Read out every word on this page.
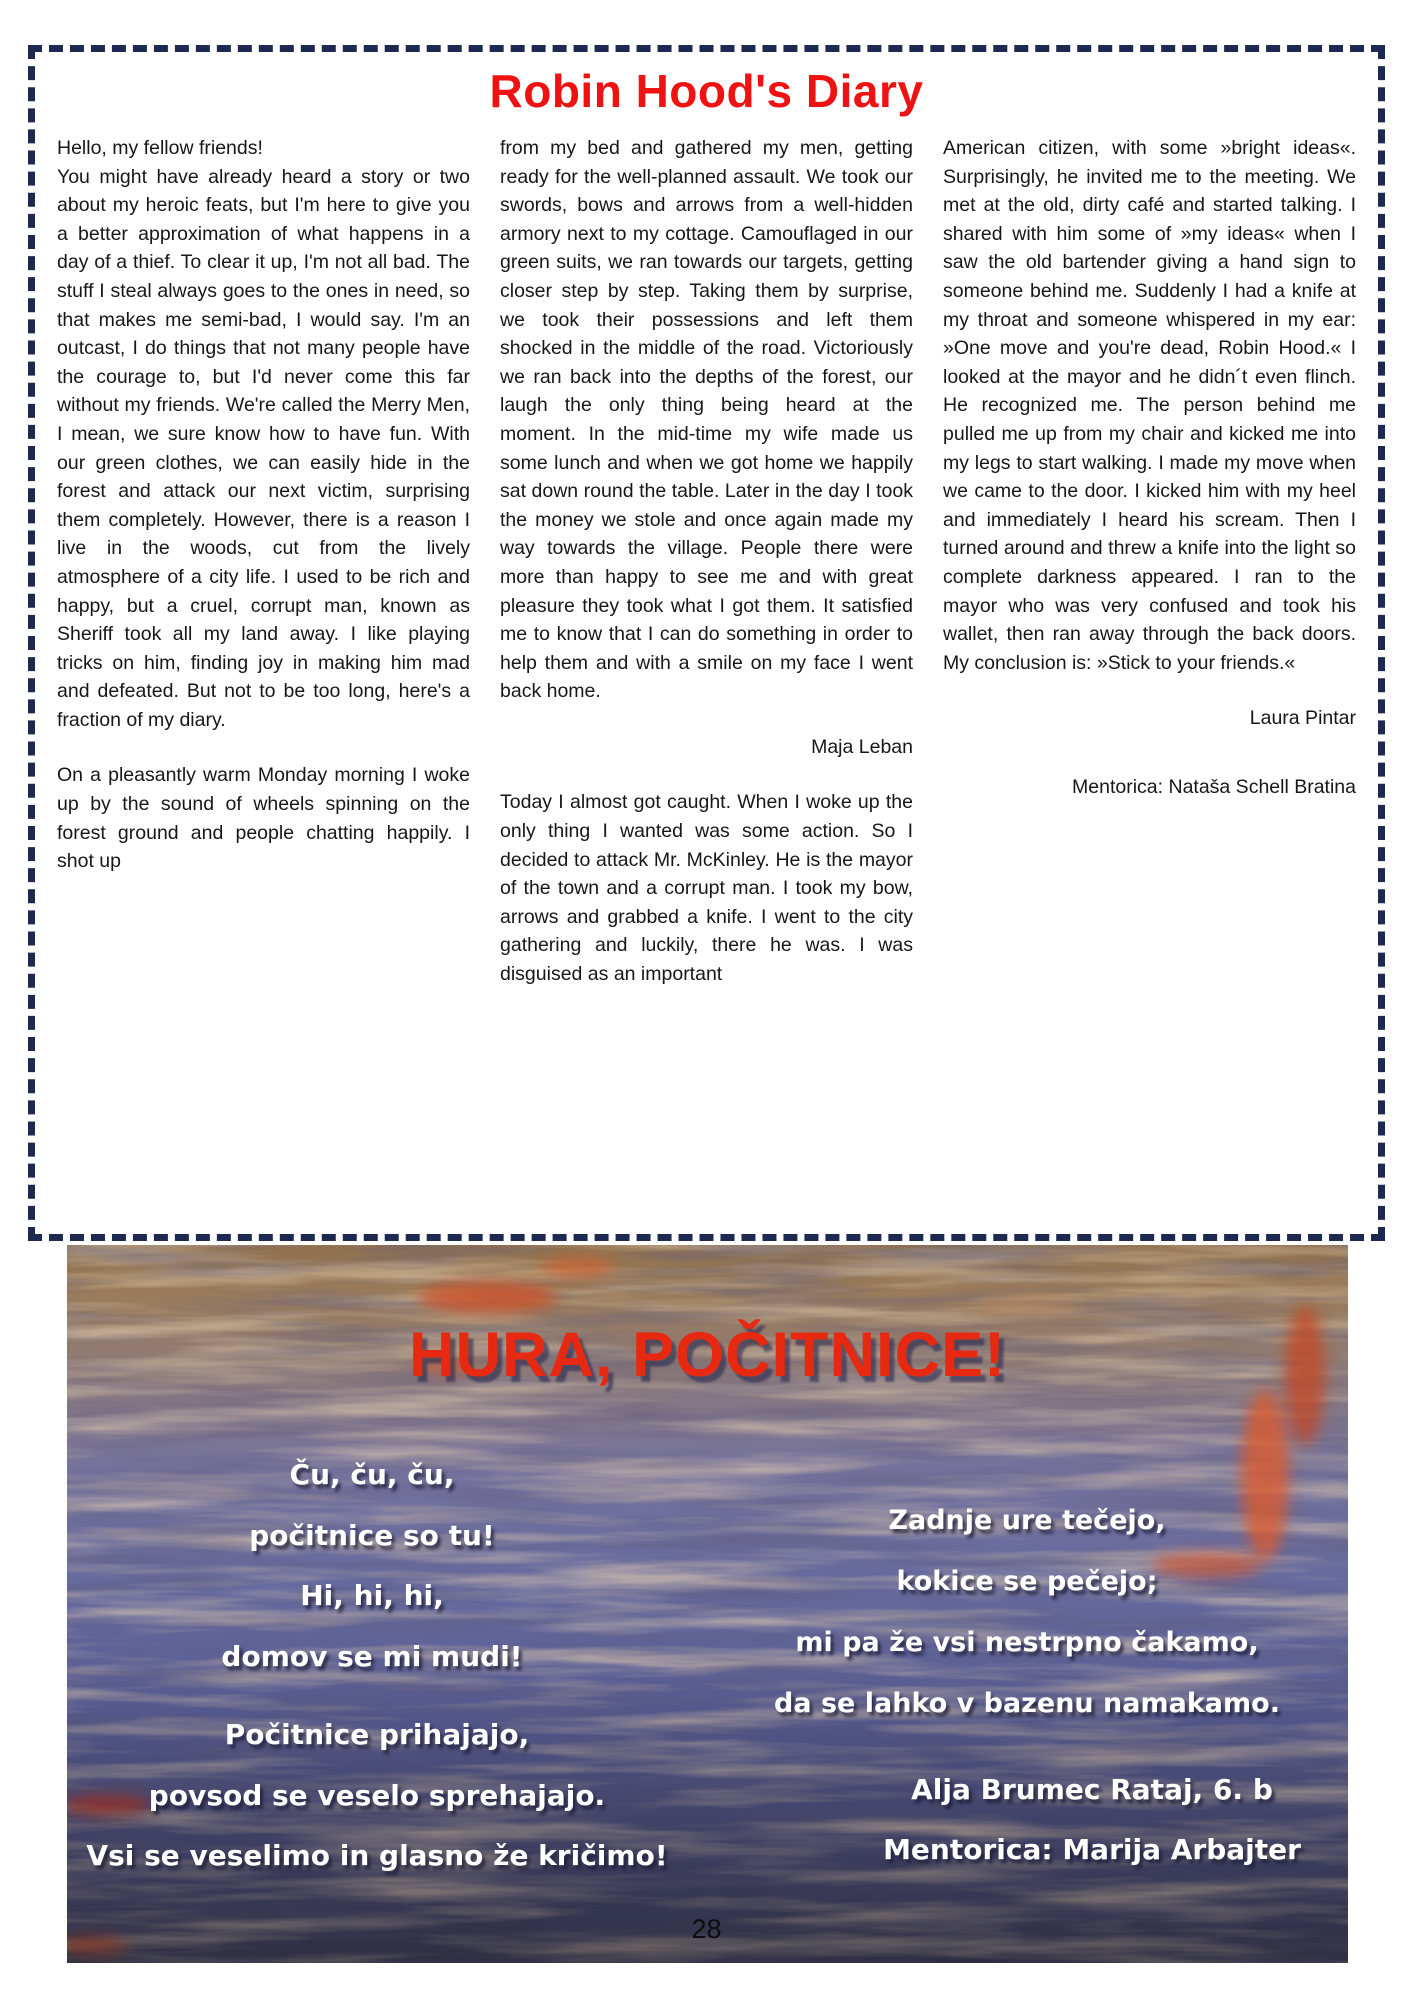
Robin Hood's Diary

Hello, my fellow friends!

You might have already heard a story or two about my heroic feats, but I'm here to give you a better approximation of what happens in a day of a thief. To clear it up, I'm not all bad. The stuff I steal always goes to the ones in need, so that makes me semi-bad, I would say. I'm an outcast, I do things that not many people have the courage to, but I'd never come this far without my friends. We're called the Merry Men, I mean, we sure know how to have fun. With our green clothes, we can easily hide in the forest and attack our next victim, surprising them completely. However, there is a reason I live in the woods, cut from the lively atmosphere of a city life. I used to be rich and happy, but a cruel, corrupt man, known as Sheriff took all my land away. I like playing tricks on him, finding joy in making him mad and defeated. But not to be too long, here's a fraction of my diary.

On a pleasantly warm Monday morning I woke up by the sound of wheels spinning on the forest ground and people chatting happily. I shot up

from my bed and gathered my men, getting ready for the well-planned assault. We took our swords, bows and arrows from a well-hidden armory next to my cottage. Camouflaged in our green suits, we ran towards our targets, getting closer step by step. Taking them by surprise, we took their possessions and left them shocked in the middle of the road. Victoriously we ran back into the depths of the forest, our laugh the only thing being heard at the moment. In the mid-time my wife made us some lunch and when we got home we happily sat down round the table. Later in the day I took the money we stole and once again made my way towards the village. People there were more than happy to see me and with great pleasure they took what I got them. It satisfied me to know that I can do something in order to help them and with a smile on my face I went back home.

Maja Leban

Today I almost got caught. When I woke up the only thing I wanted was some action. So I decided to attack Mr. McKinley. He is the mayor of the town and a corrupt man. I took my bow, arrows and grabbed a knife. I went to the city gathering and luckily, there he was. I was disguised as an important

American citizen, with some »bright ideas«. Surprisingly, he invited me to the meeting. We met at the old, dirty café and started talking. I shared with him some of »my ideas« when I saw the old bartender giving a hand sign to someone behind me. Suddenly I had a knife at my throat and someone whispered in my ear: »One move and you're dead, Robin Hood.« I looked at the mayor and he didn´t even flinch. He recognized me. The person behind me pulled me up from my chair and kicked me into my legs to start walking. I made my move when we came to the door. I kicked him with my heel and immediately I heard his scream. Then I turned around and threw a knife into the light so complete darkness appeared. I ran to the mayor who was very confused and took his wallet, then ran away through the back doors. My conclusion is: »Stick to your friends.«

Laura Pintar
Mentorica: Nataša Schell Bratina
HURA, POČITNICE!
Ču, ču, ču,
počitnice so tu!
Hi, hi, hi,
domov se mi mudi!
Zadnje ure tečejo,
kokice se pečejo;
mi pa že vsi nestrpno čakamo,
da se lahko v bazenu namakamo.
Počitnice prihajajo,
povsod se veselo sprehajajo.
Vsi se veselimo in glasno že kričimo!
Alja Brumec Rataj, 6. b
Mentorica: Marija Arbajter
28
